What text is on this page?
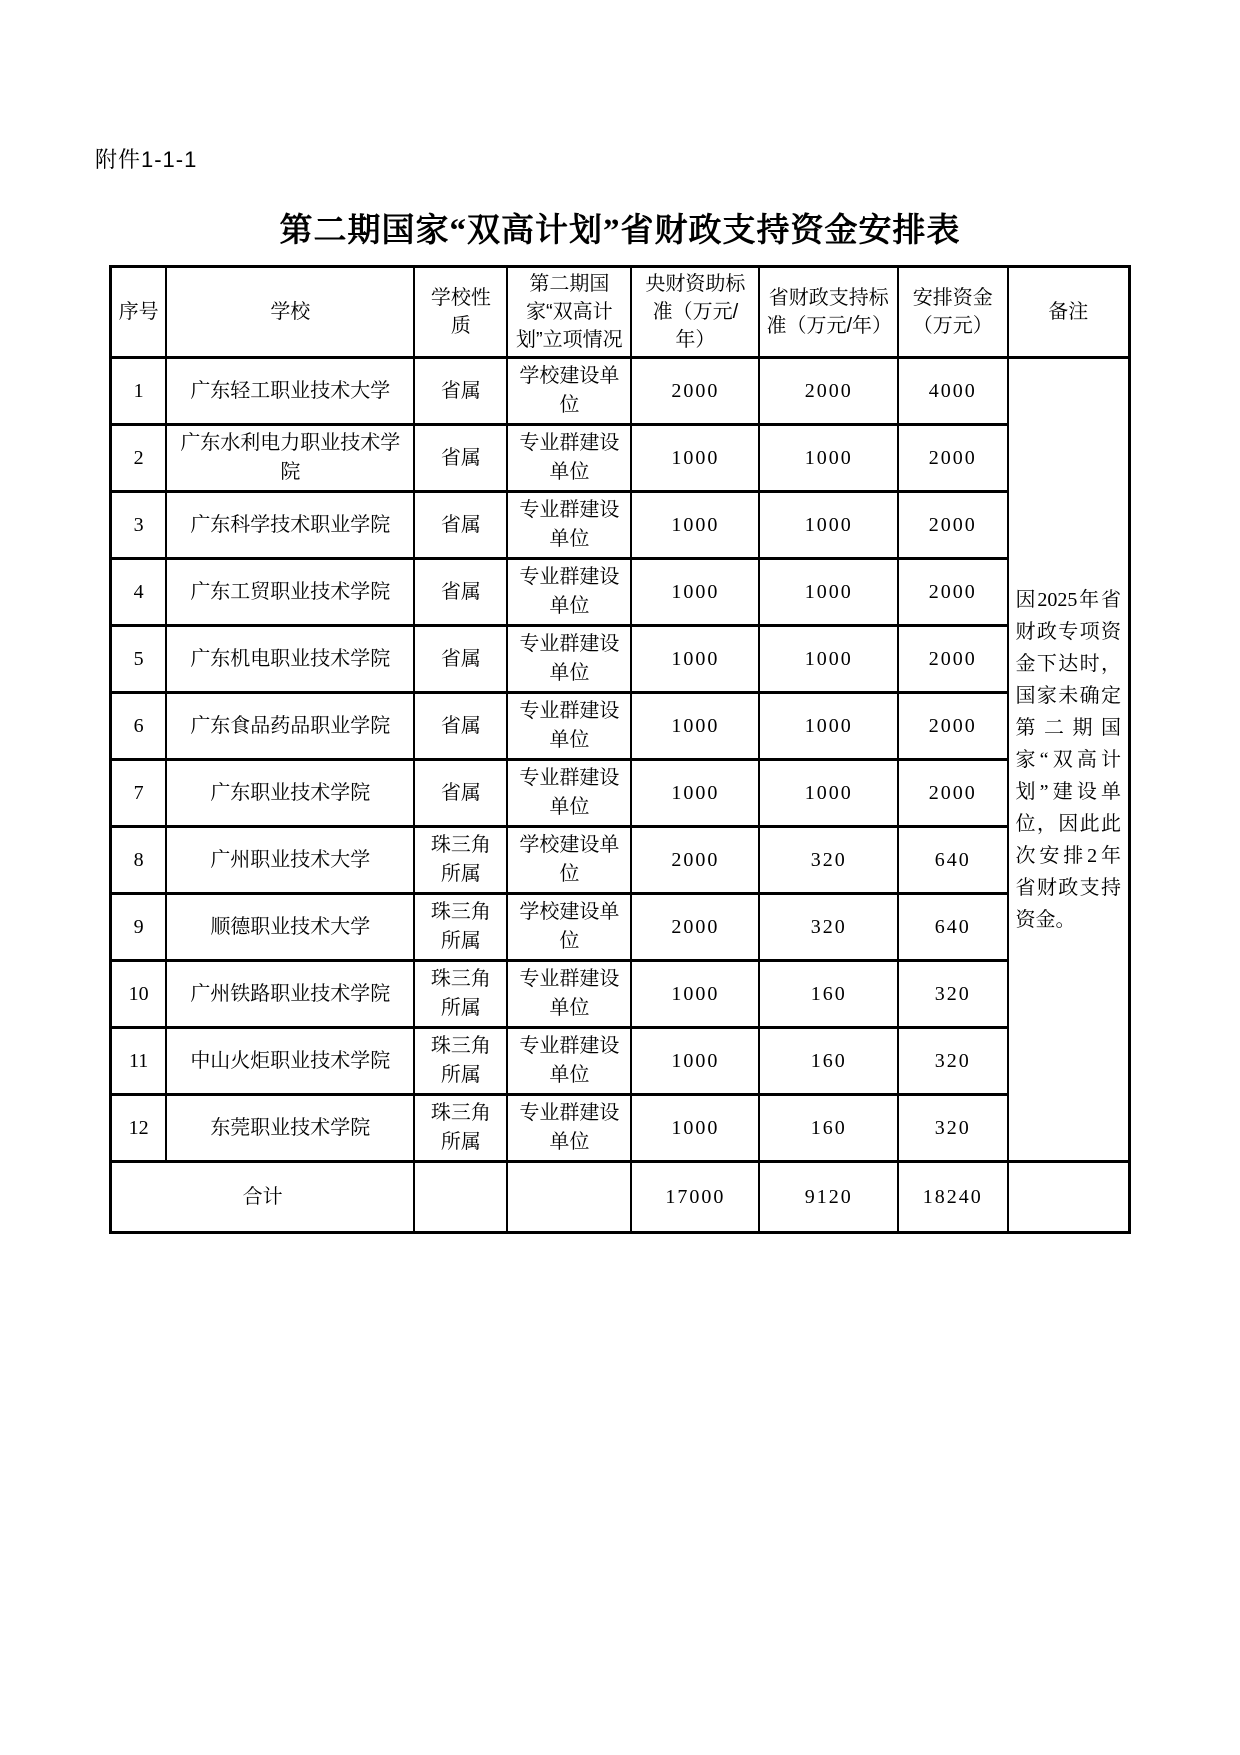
附件1-1-1
第二期国家“双高计划”省财政支持资金安排表
序号	学校	学校性质	第二期国家“双高计划”立项情况	央财资助标准（万元/年）	省财政支持标准（万元/年）	安排资金（万元）	备注
1	广东轻工职业技术大学	省属	学校建设单位	2000	2000	4000	因2025年省财政专项资金下达时，国家未确定第二期国家“双高计划”建设单位，因此此次安排2年省财政支持资金。
2	广东水利电力职业技术学院	省属	专业群建设单位	1000	1000	2000	
3	广东科学技术职业学院	省属	专业群建设单位	1000	1000	2000	
4	广东工贸职业技术学院	省属	专业群建设单位	1000	1000	2000	
5	广东机电职业技术学院	省属	专业群建设单位	1000	1000	2000	
6	广东食品药品职业学院	省属	专业群建设单位	1000	1000	2000	
7	广东职业技术学院	省属	专业群建设单位	1000	1000	2000	
8	广州职业技术大学	珠三角所属	学校建设单位	2000	320	640	
9	顺德职业技术大学	珠三角所属	学校建设单位	2000	320	640	
10	广州铁路职业技术学院	珠三角所属	专业群建设单位	1000	160	320	
11	中山火炬职业技术学院	珠三角所属	专业群建设单位	1000	160	320	
12	东莞职业技术学院	珠三角所属	专业群建设单位	1000	160	320	
合计				17000	9120	18240	
